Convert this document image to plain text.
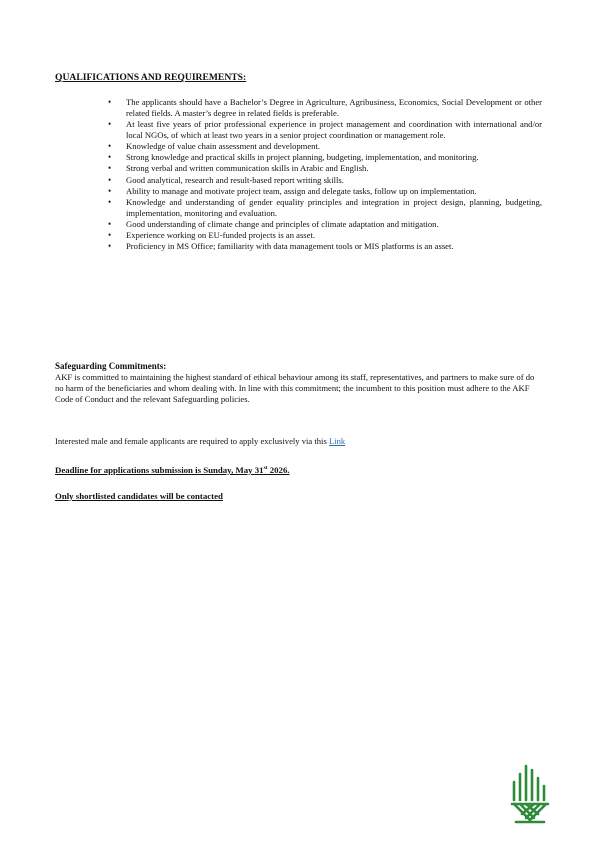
QUALIFICATIONS AND REQUIREMENTS:
• The applicants should have a Bachelor’s Degree in Agriculture, Agribusiness, Economics, Social Development or other related fields. A master’s degree in related fields is preferable.
• At least five years of prior professional experience in project management and coordination with international and/or local NGOs, of which at least two years in a senior project coordination or management role.
• Knowledge of value chain assessment and development.
• Strong knowledge and practical skills in project planning, budgeting, implementation, and monitoring.
• Strong verbal and written communication skills in Arabic and English.
• Good analytical, research and result-based report writing skills.
• Ability to manage and motivate project team, assign and delegate tasks, follow up on implementation.
• Knowledge and understanding of gender equality principles and integration in project design, planning, budgeting, implementation, monitoring and evaluation.
• Good understanding of climate change and principles of climate adaptation and mitigation.
• Experience working on EU-funded projects is an asset.
• Proficiency in MS Office; familiarity with data management tools or MIS platforms is an asset.

Safeguarding Commitments:

AKF is committed to maintaining the highest standard of ethical behaviour among its staff, representatives, and partners to make sure of do no harm of the beneficiaries and whom dealing with. In line with this commitment; the incumbent to this position must adhere to the AKF Code of Conduct and the relevant Safeguarding policies.

Interested male and female applicants are required to apply exclusively via this Link

Deadline for applications submission is Sunday, May 31st 2026.

Only shortlisted candidates will be contacted
